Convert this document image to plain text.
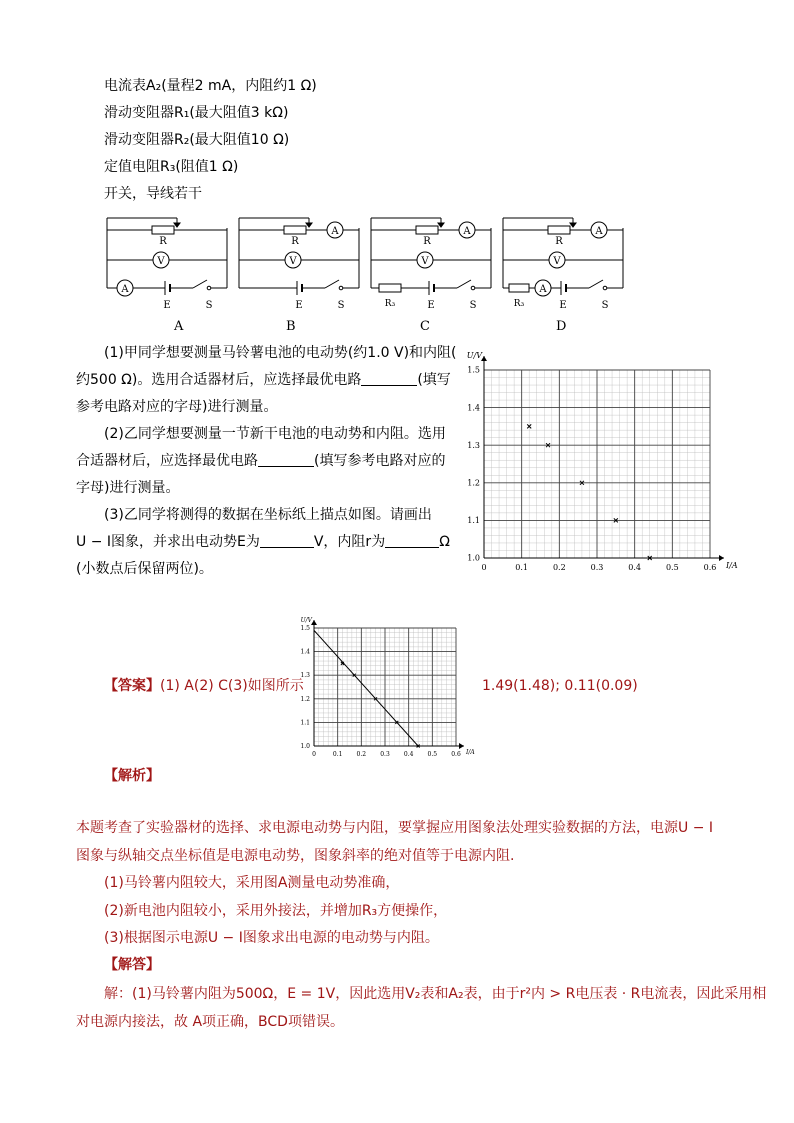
电流表A₂(量程2 mA，内阻约1 Ω)
滑动变阻器R₁(最大阻值3 kΩ)
滑动变阻器R₂(最大阻值10 Ω)
定值电阻R₃(阻值1 Ω)
开关，导线若干
R
V
A
E	S
R
A
V
E	S
R
A
V
R₃	E	S
R
A
V
R₃
A
E	S
A	B	C	D
(1)甲同学想要测量马铃薯电池的电动势(约1.0 V)和内阻(
约500 Ω)。选用合适器材后，应选择最优电路	(填写
参考电路对应的字母)进行测量。
(2)乙同学想要测量一节新干电池的电动势和内阻。选用
合适器材后，应选择最优电路	(填写参考电路对应的
字母)进行测量。
(3)乙同学将测得的数据在坐标纸上描点如图。请画出
U − I图象，并求出电动势E为	V，内阻r为	Ω
(小数点后保留两位)。	0	0.1	0.2	0.3	0.4	0.5	0.6
1.0
1.1
1.2
1.3
1.4
1.5
U/V
I/A
【答案】(1) A(2) C(3)如图所示
0	0.1 0.2 0.3 0.4 0.5 0.6
1.0
1.1
1.2
1.3
1.4
1.5
U/V
I/A
1.49(1.48); 0.11(0.09)
【解析】
本题考查了实验器材的选择、求电源电动势与内阻，要掌握应用图象法处理实验数据的方法，电源U − I
图象与纵轴交点坐标值是电源电动势，图象斜率的绝对值等于电源内阻.
(1)马铃薯内阻较大，采用图A测量电动势准确，
(2)新电池内阻较小，采用外接法，并增加R₃方便操作，
(3)根据图示电源U − I图象求出电源的电动势与内阻。
【解答】
解：(1)马铃薯内阻为500Ω，E = 1V，因此选用V₂表和A₂表，由于r²内 > R电压表 · R电流表，因此采用相
对电源内接法，故 A项正确，BCD项错误。
